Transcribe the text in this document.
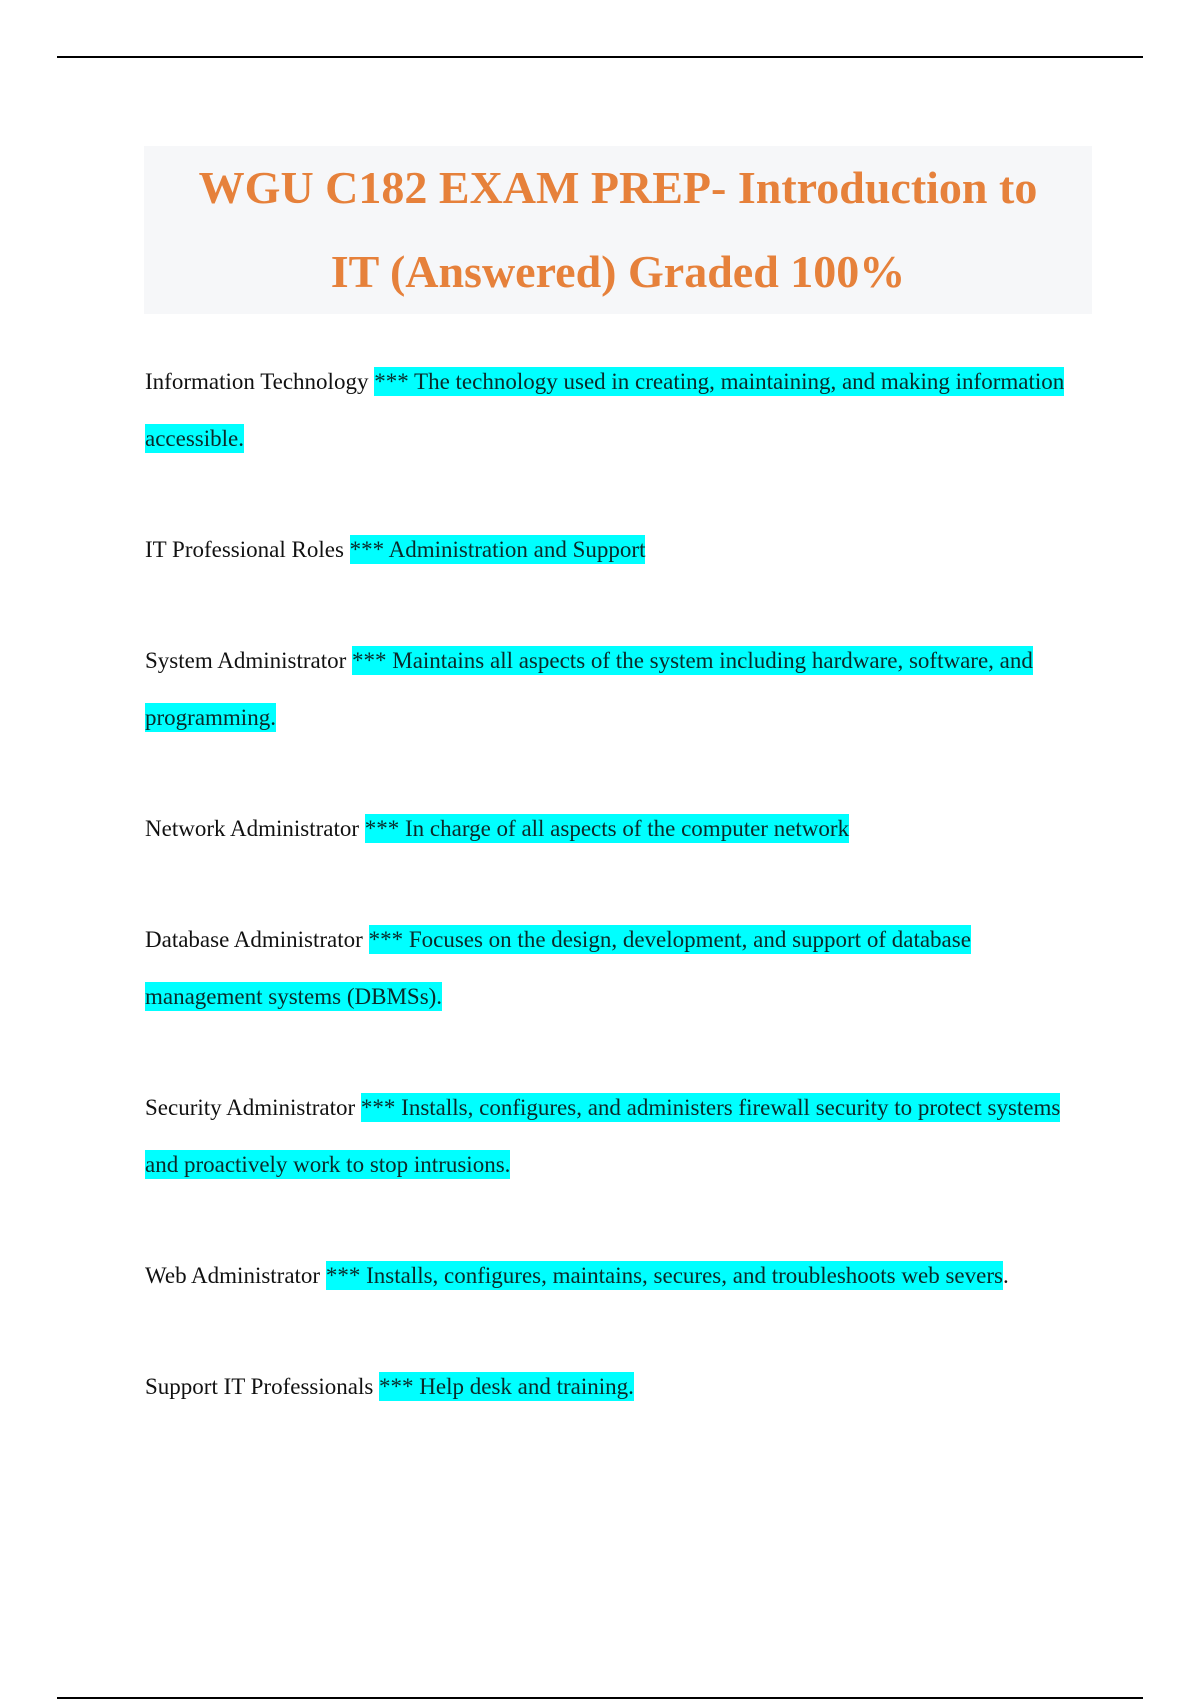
WGU C182 EXAM PREP- Introduction to
IT (Answered) Graded 100%
Information Technology *** The technology used in creating, maintaining, and making information accessible.
IT Professional Roles *** Administration and Support
System Administrator *** Maintains all aspects of the system including hardware, software, and programming.
Network Administrator *** In charge of all aspects of the computer network
Database Administrator *** Focuses on the design, development, and support of database management systems (DBMSs).
Security Administrator *** Installs, configures, and administers firewall security to protect systems and proactively work to stop intrusions.
Web Administrator *** Installs, configures, maintains, secures, and troubleshoots web severs.
Support IT Professionals *** Help desk and training.
